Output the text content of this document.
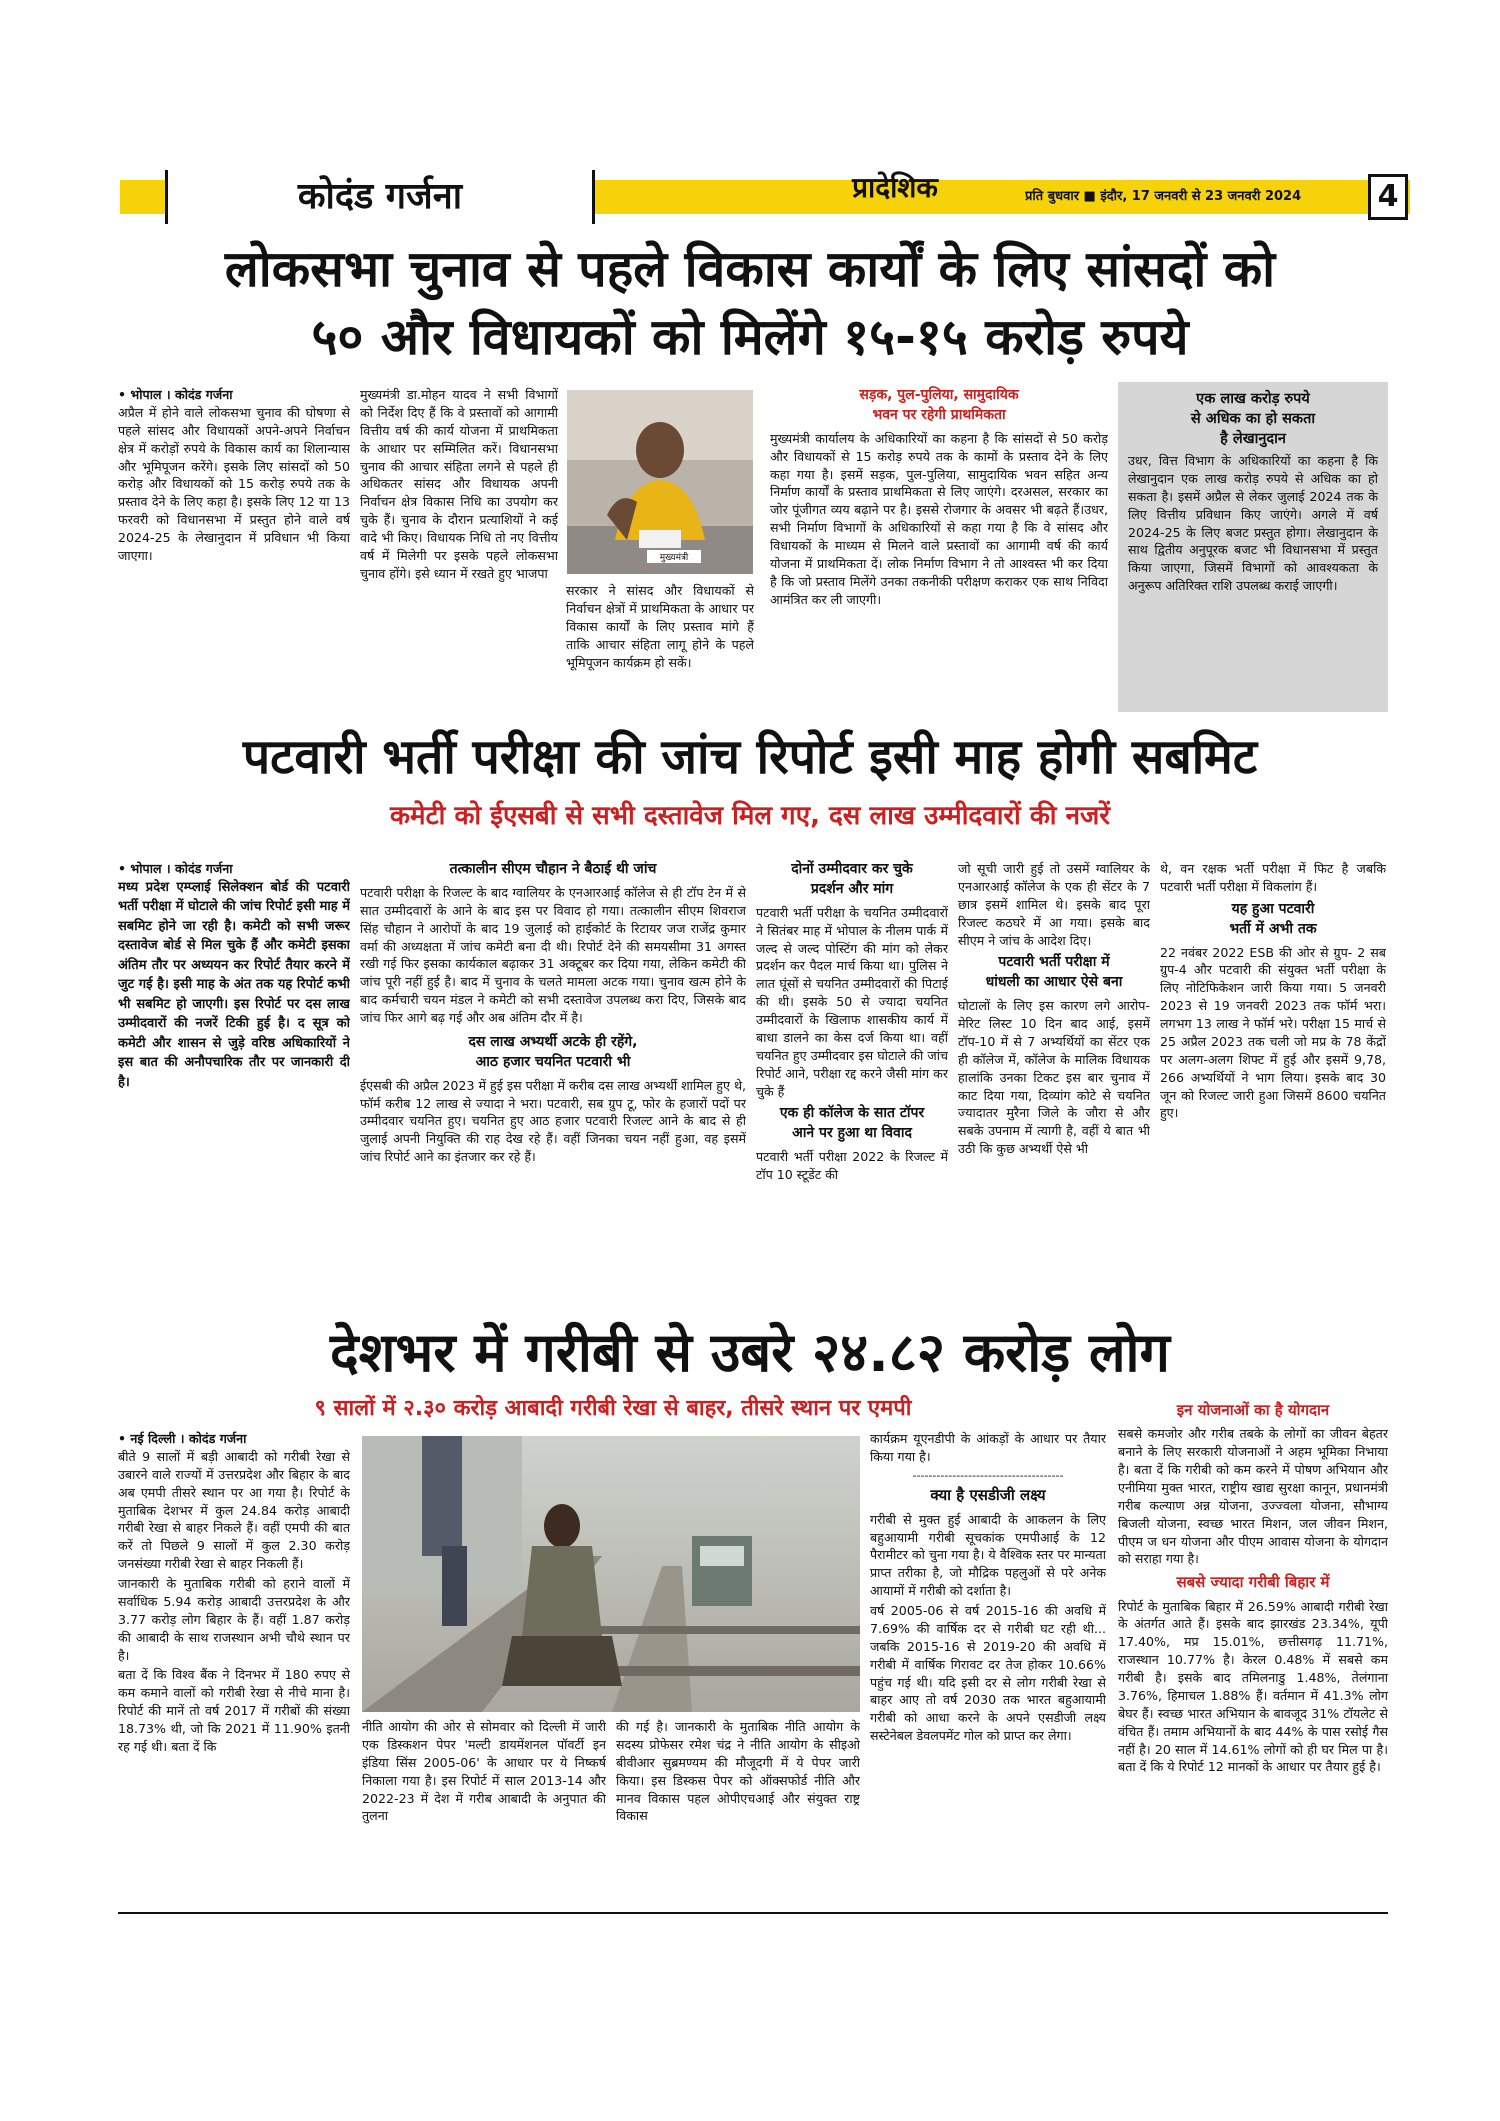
कोदंड गर्जना	प्रादेशिक	प्रति बुधवार ■ इंदौर, 17 जनवरी से 23 जनवरी 2024	4
लोकसभा चुनाव से पहले विकास कार्यों के लिए सांसदों को
५० और विधायकों को मिलेंगे १५-१५ करोड़ रुपये
• भोपाल । कोदंड गर्जना

अप्रैल में होने वाले लोकसभा चुनाव की घोषणा से पहले सांसद और विधायकों अपने-अपने निर्वाचन क्षेत्र में करोड़ों रुपये के विकास कार्य का शिलान्यास और भूमिपूजन करेंगे। इसके लिए सांसदों को 50 करोड़ और विधायकों को 15 करोड़ रुपये तक के प्रस्ताव देने के लिए कहा है। इसके लिए 12 या 13 फरवरी को विधानसभा में प्रस्तुत होने वाले वर्ष 2024-25 के लेखानुदान में प्रविधान भी किया जाएगा।

मुख्यमंत्री डा.मोहन यादव ने सभी विभागों को निर्देश दिए हैं कि वे प्रस्तावों को आगामी वित्तीय वर्ष की कार्य योजना में प्राथमिकता के आधार पर सम्मिलित करें। विधानसभा चुनाव की आचार संहिता लगने से पहले ही अधिकतर सांसद और विधायक अपनी निर्वाचन क्षेत्र विकास निधि का उपयोग कर चुके हैं। चुनाव के दौरान प्रत्याशियों ने कई वादे भी किए। विधायक निधि तो नए वित्तीय वर्ष में मिलेगी पर इसके पहले लोकसभा चुनाव होंगे। इसे ध्यान में रखते हुए भाजपा

मुख्यमंत्री

सरकार ने सांसद और विधायकों से निर्वाचन क्षेत्रों में प्राथमिकता के आधार पर विकास कार्यों के लिए प्रस्ताव मांगे हैं ताकि आचार संहिता लागू होने के पहले भूमिपूजन कार्यक्रम हो सकें।

सड़क, पुल-पुलिया, सामुदायिक
भवन पर रहेगी प्राथमिकता

मुख्यमंत्री कार्यालय के अधिकारियों का कहना है कि सांसदों से 50 करोड़ और विधायकों से 15 करोड़ रुपये तक के कामों के प्रस्ताव देने के लिए कहा गया है। इसमें सड़क, पुल-पुलिया, सामुदायिक भवन सहित अन्य निर्माण कार्यों के प्रस्ताव प्राथमिकता से लिए जाएंगे। दरअसल, सरकार का जोर पूंजीगत व्यय बढ़ाने पर है। इससे रोजगार के अवसर भी बढ़ते हैं।उधर, सभी निर्माण विभागों के अधिकारियों से कहा गया है कि वे सांसद और विधायकों के माध्यम से मिलने वाले प्रस्तावों का आगामी वर्ष की कार्य योजना में प्राथमिकता दें। लोक निर्माण विभाग ने तो आश्वस्त भी कर दिया है कि जो प्रस्ताव मिलेंगे उनका तकनीकी परीक्षण कराकर एक साथ निविदा आमंत्रित कर ली जाएगी।

एक लाख करोड़ रुपये
से अधिक का हो सकता
है लेखानुदान
उधर, वित्त विभाग के अधिकारियों का कहना है कि लेखानुदान एक लाख करोड़ रुपये से अधिक का हो सकता है। इसमें अप्रैल से लेकर जुलाई 2024 तक के लिए वित्तीय प्रविधान किए जाएंगे। अगले में वर्ष 2024-25 के लिए बजट प्रस्तुत होगा। लेखानुदान के साथ द्वितीय अनुपूरक बजट भी विधानसभा में प्रस्तुत किया जाएगा, जिसमें विभागों को आवश्यकता के अनुरूप अतिरिक्त राशि उपलब्ध कराई जाएगी।
पटवारी भर्ती परीक्षा की जांच रिपोर्ट इसी माह होगी सबमिट
कमेटी को ईएसबी से सभी दस्तावेज मिल गए, दस लाख उम्मीदवारों की नजरें
• भोपाल । कोदंड गर्जना

मध्य प्रदेश एम्प्लाई सिलेक्शन बोर्ड की पटवारी भर्ती परीक्षा में घोटाले की जांच रिपोर्ट इसी माह में सबमिट होने जा रही है। कमेटी को सभी जरूर दस्तावेज बोर्ड से मिल चुके हैं और कमेटी इसका अंतिम तौर पर अध्ययन कर रिपोर्ट तैयार करने में जुट गई है। इसी माह के अंत तक यह रिपोर्ट कभी भी सबमिट हो जाएगी। इस रिपोर्ट पर दस लाख उम्मीदवारों की नजरें टिकी हुई है। द सूत्र को कमेटी और शासन से जुड़े वरिष्ठ अधिकारियों ने इस बात की अनौपचारिक तौर पर जानकारी दी है।

तत्कालीन सीएम चौहान ने बैठाई थी जांच

पटवारी परीक्षा के रिजल्ट के बाद ग्वालियर के एनआरआई कॉलेज से ही टॉप टेन में से सात उम्मीदवारों के आने के बाद इस पर विवाद हो गया। तत्कालीन सीएम शिवराज सिंह चौहान ने आरोपों के बाद 19 जुलाई को हाईकोर्ट के रिटायर जज राजेंद्र कुमार वर्मा की अध्यक्षता में जांच कमेटी बना दी थी। रिपोर्ट देने की समयसीमा 31 अगस्त रखी गई फिर इसका कार्यकाल बढ़ाकर 31 अक्टूबर कर दिया गया, लेकिन कमेटी की जांच पूरी नहीं हुई है। बाद में चुनाव के चलते मामला अटक गया। चुनाव खत्म होने के बाद कर्मचारी चयन मंडल ने कमेटी को सभी दस्तावेज उपलब्ध करा दिए, जिसके बाद जांच फिर आगे बढ़ गई और अब अंतिम दौर में है।

दस लाख अभ्यर्थी अटके ही रहेंगे,
आठ हजार चयनित पटवारी भी

ईएसबी की अप्रैल 2023 में हुई इस परीक्षा में करीब दस लाख अभ्यर्थी शामिल हुए थे, फॉर्म करीब 12 लाख से ज्यादा ने भरा। पटवारी, सब ग्रुप टू, फोर के हजारों पदों पर उम्मीदवार चयनित हुए। चयनित हुए आठ हजार पटवारी रिजल्ट आने के बाद से ही जुलाई अपनी नियुक्ति की राह देख रहे हैं। वहीं जिनका चयन नहीं हुआ, वह इसमें जांच रिपोर्ट आने का इंतजार कर रहे हैं।

दोनों उम्मीदवार कर चुके
प्रदर्शन और मांग

पटवारी भर्ती परीक्षा के चयनित उम्मीदवारों ने सितंबर माह में भोपाल के नीलम पार्क में जल्द से जल्द पोस्टिंग की मांग को लेकर प्रदर्शन कर पैदल मार्च किया था। पुलिस ने लात घूंसों से चयनित उम्मीदवारों की पिटाई की थी। इसके 50 से ज्यादा चयनित उम्मीदवारों के खिलाफ शासकीय कार्य में बाधा डालने का केस दर्ज किया था। वहीं चयनित हुए उम्मीदवार इस घोटाले की जांच रिपोर्ट आने, परीक्षा रद्द करने जैसी मांग कर चुके हैं

एक ही कॉलेज के सात टॉपर
आने पर हुआ था विवाद

पटवारी भर्ती परीक्षा 2022 के रिजल्ट में टॉप 10 स्टूडेंट की

जो सूची जारी हुई तो उसमें ग्वालियर के एनआरआई कॉलेज के एक ही सेंटर के 7 छात्र इसमें शामिल थे। इसके बाद पूरा रिजल्ट कठघरे में आ गया। इसके बाद सीएम ने जांच के आदेश दिए।

पटवारी भर्ती परीक्षा में
धांधली का आधार ऐसे बना

घोटालों के लिए इस कारण लगे आरोप- मेरिट लिस्ट 10 दिन बाद आई, इसमें टॉप-10 में से 7 अभ्यर्थियों का सेंटर एक ही कॉलेज में, कॉलेज के मालिक विधायक हालांकि उनका टिकट इस बार चुनाव में काट दिया गया, दिव्यांग कोटे से चयनित ज्यादातर मुरैना जिले के जौरा से और सबके उपनाम में त्यागी है, वहीं ये बात भी उठी कि कुछ अभ्यर्थी ऐसे भी

थे, वन रक्षक भर्ती परीक्षा में फिट है जबकि पटवारी भर्ती परीक्षा में विकलांग हैं।

यह हुआ पटवारी
भर्ती में अभी तक

22 नवंबर 2022 ESB की ओर से ग्रुप- 2 सब ग्रुप-4 और पटवारी की संयुक्त भर्ती परीक्षा के लिए नोटिफिकेशन जारी किया गया। 5 जनवरी 2023 से 19 जनवरी 2023 तक फॉर्म भरा। लगभग 13 लाख ने फॉर्म भरे। परीक्षा 15 मार्च से 25 अप्रैल 2023 तक चली जो मप्र के 78 केंद्रों पर अलग-अलग शिफ्ट में हुई और इसमें 9,78, 266 अभ्यर्थियों ने भाग लिया। इसके बाद 30 जून को रिजल्ट जारी हुआ जिसमें 8600 चयनित हुए।

देशभर में गरीबी से उबरे २४.८२ करोड़ लोग
९ सालों में २.३० करोड़ आबादी गरीबी रेखा से बाहर, तीसरे स्थान पर एमपी
• नई दिल्ली । कोदंड गर्जना

बीते 9 सालों में बड़ी आबादी को गरीबी रेखा से उबारने वाले राज्यों में उत्तरप्रदेश और बिहार के बाद अब एमपी तीसरे स्थान पर आ गया है। रिपोर्ट के मुताबिक देशभर में कुल 24.84 करोड़ आबादी गरीबी रेखा से बाहर निकले हैं। वहीं एमपी की बात करें तो पिछले 9 सालों में कुल 2.30 करोड़ जनसंख्या गरीबी रेखा से बाहर निकली हैं।

जानकारी के मुताबिक गरीबी को हराने वालों में सर्वाधिक 5.94 करोड़ आबादी उत्तरप्रदेश के और 3.77 करोड़ लोग बिहार के हैं। वहीं 1.87 करोड़ की आबादी के साथ राजस्थान अभी चौथे स्थान पर है।

बता दें कि विश्व बैंक ने दिनभर में 180 रुपए से कम कमाने वालों को गरीबी रेखा से नीचे माना है। रिपोर्ट की मानें तो वर्ष 2017 में गरीबों की संख्या 18.73% थी, जो कि 2021 में 11.90% इतनी रह गई थी। बता दें कि

नीति आयोग की ओर से सोमवार को दिल्ली में जारी एक डिस्कशन पेपर 'मल्टी डायमेंशनल पॉवर्टी इन इंडिया सिंस 2005-06' के आधार पर ये निष्कर्ष निकाला गया है। इस रिपोर्ट में साल 2013-14 और 2022-23 में देश में गरीब आबादी के अनुपात की तुलना

की गई है। जानकारी के मुताबिक नीति आयोग के सदस्य प्रोफेसर रमेश चंद्र ने नीति आयोग के सीइओ बीवीआर सुब्रमण्यम की मौजूदगी में ये पेपर जारी किया। इस डिस्कस पेपर को ऑक्सफोर्ड नीति और मानव विकास पहल ओपीएचआई और संयुक्त राष्ट्र विकास

कार्यक्रम यूएनडीपी के आंकड़ों के आधार पर तैयार किया गया है।

--------------------------------------
क्या है एसडीजी लक्ष्य

गरीबी से मुक्त हुई आबादी के आकलन के लिए बहुआयामी गरीबी सूचकांक एमपीआई के 12 पैरामीटर को चुना गया है। ये वैश्विक स्तर पर मान्यता प्राप्त तरीका है, जो मौद्रिक पहलुओं से परे अनेक आयामों में गरीबी को दर्शाता है।

वर्ष 2005-06 से वर्ष 2015-16 की अवधि में 7.69% की वार्षिक दर से गरीबी घट रही थी... जबकि 2015-16 से 2019-20 की अवधि में गरीबी में वार्षिक गिरावट दर तेज होकर 10.66% पहुंच गई थी। यदि इसी दर से लोग गरीबी रेखा से बाहर आए तो वर्ष 2030 तक भारत बहुआयामी गरीबी को आधा करने के अपने एसडीजी लक्ष्य सस्टेनेबल डेवलपमेंट गोल को प्राप्त कर लेगा।

इन योजनाओं का है योगदान

सबसे कमजोर और गरीब तबके के लोगों का जीवन बेहतर बनाने के लिए सरकारी योजनाओं ने अहम भूमिका निभाया है। बता दें कि गरीबी को कम करने में पोषण अभियान और एनीमिया मुक्त भारत, राष्ट्रीय खाद्य सुरक्षा कानून, प्रधानमंत्री गरीब कल्याण अन्न योजना, उज्ज्वला योजना, सौभाग्य बिजली योजना, स्वच्छ भारत मिशन, जल जीवन मिशन, पीएम ज धन योजना और पीएम आवास योजना के योगदान को सराहा गया है।

सबसे ज्यादा गरीबी बिहार में

रिपोर्ट के मुताबिक बिहार में 26.59% आबादी गरीबी रेखा के अंतर्गत आते हैं। इसके बाद झारखंड 23.34%, यूपी 17.40%, मप्र 15.01%, छत्तीसगढ़ 11.71%, राजस्थान 10.77% है। केरल 0.48% में सबसे कम गरीबी है। इसके बाद तमिलनाडु 1.48%, तेलंगाना 3.76%, हिमाचल 1.88% हैं। वर्तमान में 41.3% लोग बेघर हैं। स्वच्छ भारत अभियान के बावजूद 31% टॉयलेट से वंचित हैं। तमाम अभियानों के बाद 44% के पास रसोई गैस नहीं है। 20 साल में 14.61% लोगों को ही घर मिल पा है। बता दें कि ये रिपोर्ट 12 मानकों के आधार पर तैयार हुई है।
